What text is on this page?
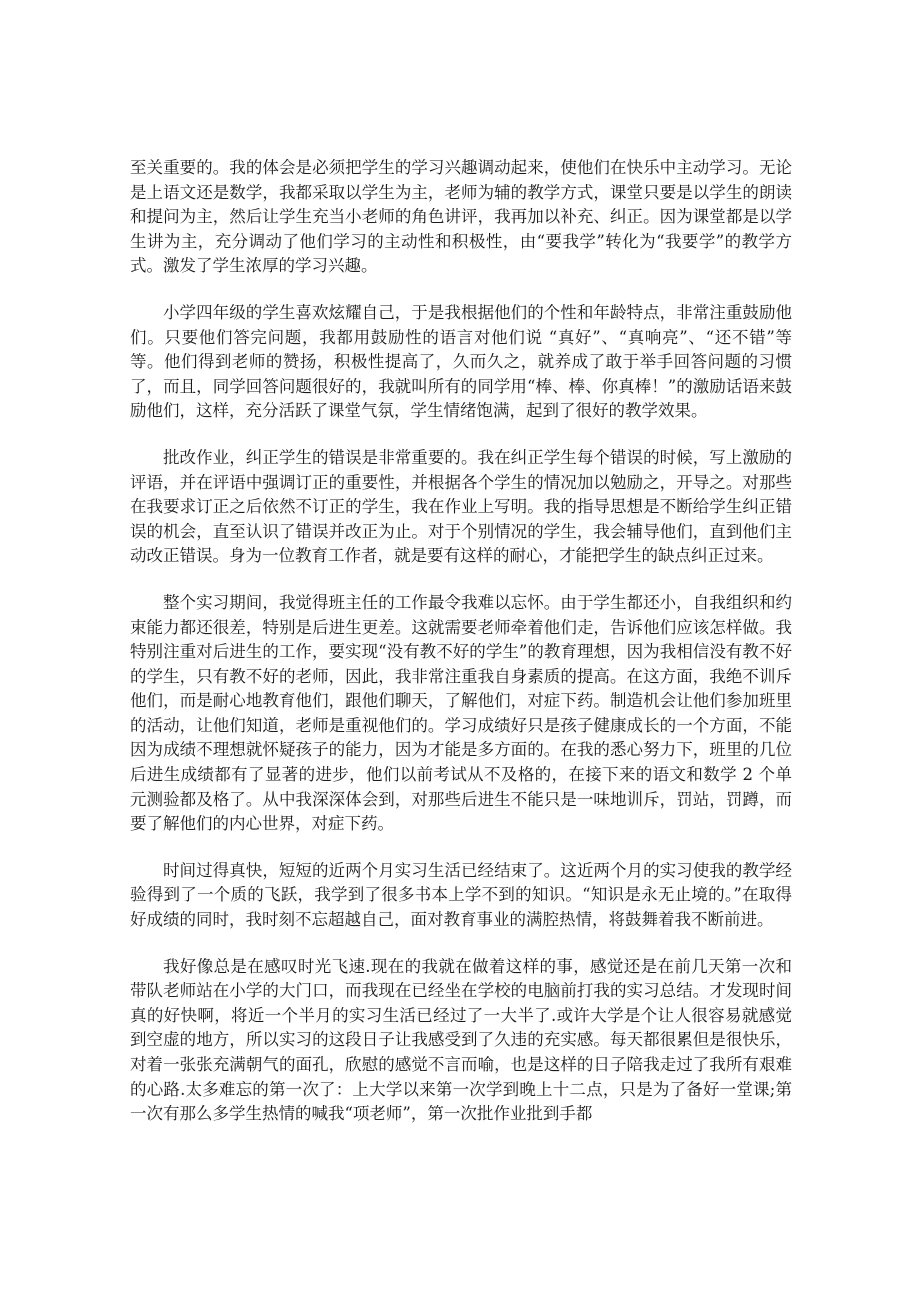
至关重要的。我的体会是必须把学生的学习兴趣调动起来，使他们在快乐中主动学习。无论是上语文还是数学，我都采取以学生为主，老师为辅的教学方式，课堂只要是以学生的朗读和提问为主，然后让学生充当小老师的角色讲评，我再加以补充、纠正。因为课堂都是以学生讲为主，充分调动了他们学习的主动性和积极性，由“要我学”转化为“我要学”的教学方式。激发了学生浓厚的学习兴趣。

小学四年级的学生喜欢炫耀自己，于是我根据他们的个性和年龄特点，非常注重鼓励他们。只要他们答完问题，我都用鼓励性的语言对他们说 “真好”、“真响亮”、“还不错”等等。他们得到老师的赞扬，积极性提高了，久而久之，就养成了敢于举手回答问题的习惯了，而且，同学回答问题很好的，我就叫所有的同学用“棒、棒、你真棒！”的激励话语来鼓励他们，这样，充分活跃了课堂气氛，学生情绪饱满，起到了很好的教学效果。

批改作业，纠正学生的错误是非常重要的。我在纠正学生每个错误的时候，写上激励的评语，并在评语中强调订正的重要性，并根据各个学生的情况加以勉励之，开导之。对那些在我要求订正之后依然不订正的学生，我在作业上写明。我的指导思想是不断给学生纠正错误的机会，直至认识了错误并改正为止。对于个别情况的学生，我会辅导他们，直到他们主动改正错误。身为一位教育工作者，就是要有这样的耐心，才能把学生的缺点纠正过来。

整个实习期间，我觉得班主任的工作最令我难以忘怀。由于学生都还小，自我组织和约束能力都还很差，特别是后进生更差。这就需要老师牵着他们走，告诉他们应该怎样做。我特别注重对后进生的工作，要实现“没有教不好的学生”的教育理想，因为我相信没有教不好的学生，只有教不好的老师，因此，我非常注重我自身素质的提高。在这方面，我绝不训斥他们，而是耐心地教育他们，跟他们聊天，了解他们，对症下药。制造机会让他们参加班里的活动，让他们知道，老师是重视他们的。学习成绩好只是孩子健康成长的一个方面，不能因为成绩不理想就怀疑孩子的能力，因为才能是多方面的。在我的悉心努力下，班里的几位后进生成绩都有了显著的进步，他们以前考试从不及格的，在接下来的语文和数学 2 个单元测验都及格了。从中我深深体会到，对那些后进生不能只是一味地训斥，罚站，罚蹲，而要了解他们的内心世界，对症下药。

时间过得真快，短短的近两个月实习生活已经结束了。这近两个月的实习使我的教学经验得到了一个质的飞跃，我学到了很多书本上学不到的知识。“知识是永无止境的。”在取得好成绩的同时，我时刻不忘超越自己，面对教育事业的满腔热情，将鼓舞着我不断前进。

我好像总是在感叹时光飞速.现在的我就在做着这样的事，感觉还是在前几天第一次和带队老师站在小学的大门口，而我现在已经坐在学校的电脑前打我的实习总结。才发现时间真的好快啊，将近一个半月的实习生活已经过了一大半了.或许大学是个让人很容易就感觉到空虚的地方，所以实习的这段日子让我感受到了久违的充实感。每天都很累但是很快乐，对着一张张充满朝气的面孔，欣慰的感觉不言而喻，也是这样的日子陪我走过了我所有艰难的心路.太多难忘的第一次了：上大学以来第一次学到晚上十二点，只是为了备好一堂课;第一次有那么多学生热情的喊我“项老师”，第一次批作业批到手都
